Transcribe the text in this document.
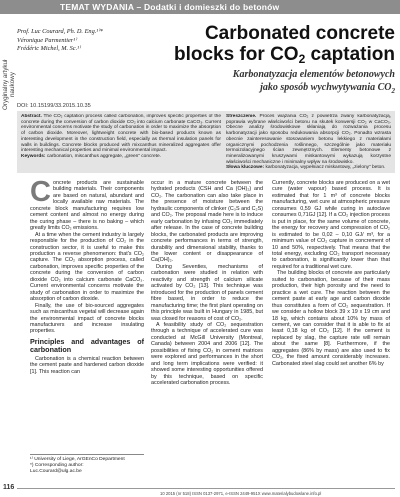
TEMAT WYDANIA – Dodatki i domieszki do betonów
Oryginalny artykuł naukowy
Prof. Luc Courard, Ph. D. Eng.¹⁾*
Véronique Parmentier¹⁾
Frédéric Michel, M. Sc.¹⁾
Carbonated concrete
blocks for $CO_2$ captation
Karbonatyzacja elementów betonowych
jako sposób wychwytywania $CO_2$
DOI: 10.15199/33.2015.10.35
Abstract. The CO₂ captation process called carbonation, improves specific properties of the concrete during the conversion of carbon dioxide CO₂ into calcium carbonate CaCO₃. Current environmental concerns motivate the study of carbonation in order to maximize the absorption of carbon dioxide. Moreover, lightweight concrete with bio-based products known as interesting development in the construction field, especially as thermal insulation panels for walls in buildings. Concrete blocks produced with mixcanthus mineralized aggregates offer interesting mechanical properties and minimal environmental impact.
Keywords: carbonation, miscanthus aggregate, „green” concrete.
Streszczenie. Proces wiązania CO₂ z powietrza zwany karbonatyzacją, poprawia wybrane właściwości betonu na skutek konwersji CO₂ w CaCO₃. Obecne analizy środowiskowe skłaniają do rozważania procesu karbonatyzacji jako sposobu redukowania absorpcji CO₂. Ponadto wzrasta obecnie zainteresowanie stosowaniem betonu lekkiego z materiałami organicznymi pochodzenia roślinnego, szczególnie jako materiału termoizolacyjnego ścian zewnętrznych. Elementy betonowe z mineralizowanymi kruszywami miskantowymi wykazują korzystne właściwości mechaniczne i minimalny wpływ na środowisko.
Słowa kluczowe: karbonatyzacja, wypełniacz miskantowy, „zielony” beton.

Concrete products are sustainable building materials. Their components are based on natural, abundant and locally available raw materials. The concrete block manufacturing requires low cement content and almost no energy during the curing phase – there is no baking – which greatly limits CO₂ emissions.

At a time when the cement industry is largely responsible for the production of CO₂ in the construction sector, it is useful to make this production a reverse phenomenon: that's CO₂ capture. The CO₂ absorption process, called carbonation, improves specific properties of the concrete during the conversion of carbon dioxide CO₂ into calcium carbonate CaCO₃. Current environmental concerns motivate the study of carbonation in order to maximize the absorption of carbon dioxide.

Finally, the use of bio-sourced aggregates such as miscanthus vegetal will decrease again the environmental impact of concrete blocks manufacturers and increase insulating properties.

Principles and advantages of carbonation

Carbonation is a chemical reaction between the cement paste and hardened carbon dioxide [1]. This reaction can

occur in a mature concrete between the hydrated products (CSH and Ca (OH)₂) and CO₂. The carbonation can also take place in the presence of moisture between the hydraulic components of clinker (C₃S and C₂S) and CO₂. The proposal made here is to induce early carbonation by infusing CO₂ immediately after release. In the case of concrete building blocks, the carbonated products are improving concrete performances in terms of strength, durability and dimensional stability, thanks to the lower content or disappearance of Ca(OH)₂.

During Seventies, mechanisms of carbonation were studied in relation with reactivity and strength of calcium silicate activated by CO₂ [13]. This technique was introduced for the production of panels cement fibre based, in order to reduce the manufacturing time; the first plant operating on this principle was built in Hungary in 1985, but was closed for reasons of cost of CO₂.

A feasibility study of CO₂ sequestration through a technique of accelerated cure was conducted at McGill University (Montreal, Canada) between 2004 and 2006 [12]. The possibilities of fixing CO₂ in cement matrices were explored and performances in the short and long term implications were verified: it showed some interesting opportunities offered by this technique, based on specific accelerated carbonation process.

Currently, concrete blocks are produced on a wet cure (water vapour) based process. It is estimated that for 1 m³ of concrete blocks manufacturing, wet cure at atmospheric pressure consumes 0,59 GJ while curing in autoclave consumes 0,71GJ [12]. If a CO₂ injection process is put in place, for the same volume of concrete, the energy for recovery and compression of CO₂ is estimated to be 0,02 – 0,10 GJ/ m³, for a minimum value of CO₂ capture in concrement of 10 and 50%, respectively. That means that the total energy, excluding CO₂ transport necessary to carbonation, is significantly lower than that required for a traditional wet cure.

The building blocks of concrete are particularly suited to carbonation, because of their mass production, their high porosity and the need to practice a wet cure. The reaction between the cement paste at early age and carbon dioxide thus constitutes a form of CO₂ sequestration. If we consider a hollow block 39 x 19 x 19 cm and 18 kg, which contains about 10% by mass of cement, we can consider that it is able to fix at least 0,18 kg of CO₂ [12]. If the cement is replaced by slag, the capture rate will remain about the same [8]. Furthermore, if the aggregates (86% by mass) are also used to fix CO₂, the fixed amount considerably increases. Carbonated steel slag could set another 6% by

¹⁾ University of Liege, ArGEnCo Department
*) Corresponding author:
Luc.Courard@ulg.ac.be
116
10 2015 (nr 518) ISSN 0137-2971, e-ISSN 2449-951X www.materialybudowlane.info.pl
